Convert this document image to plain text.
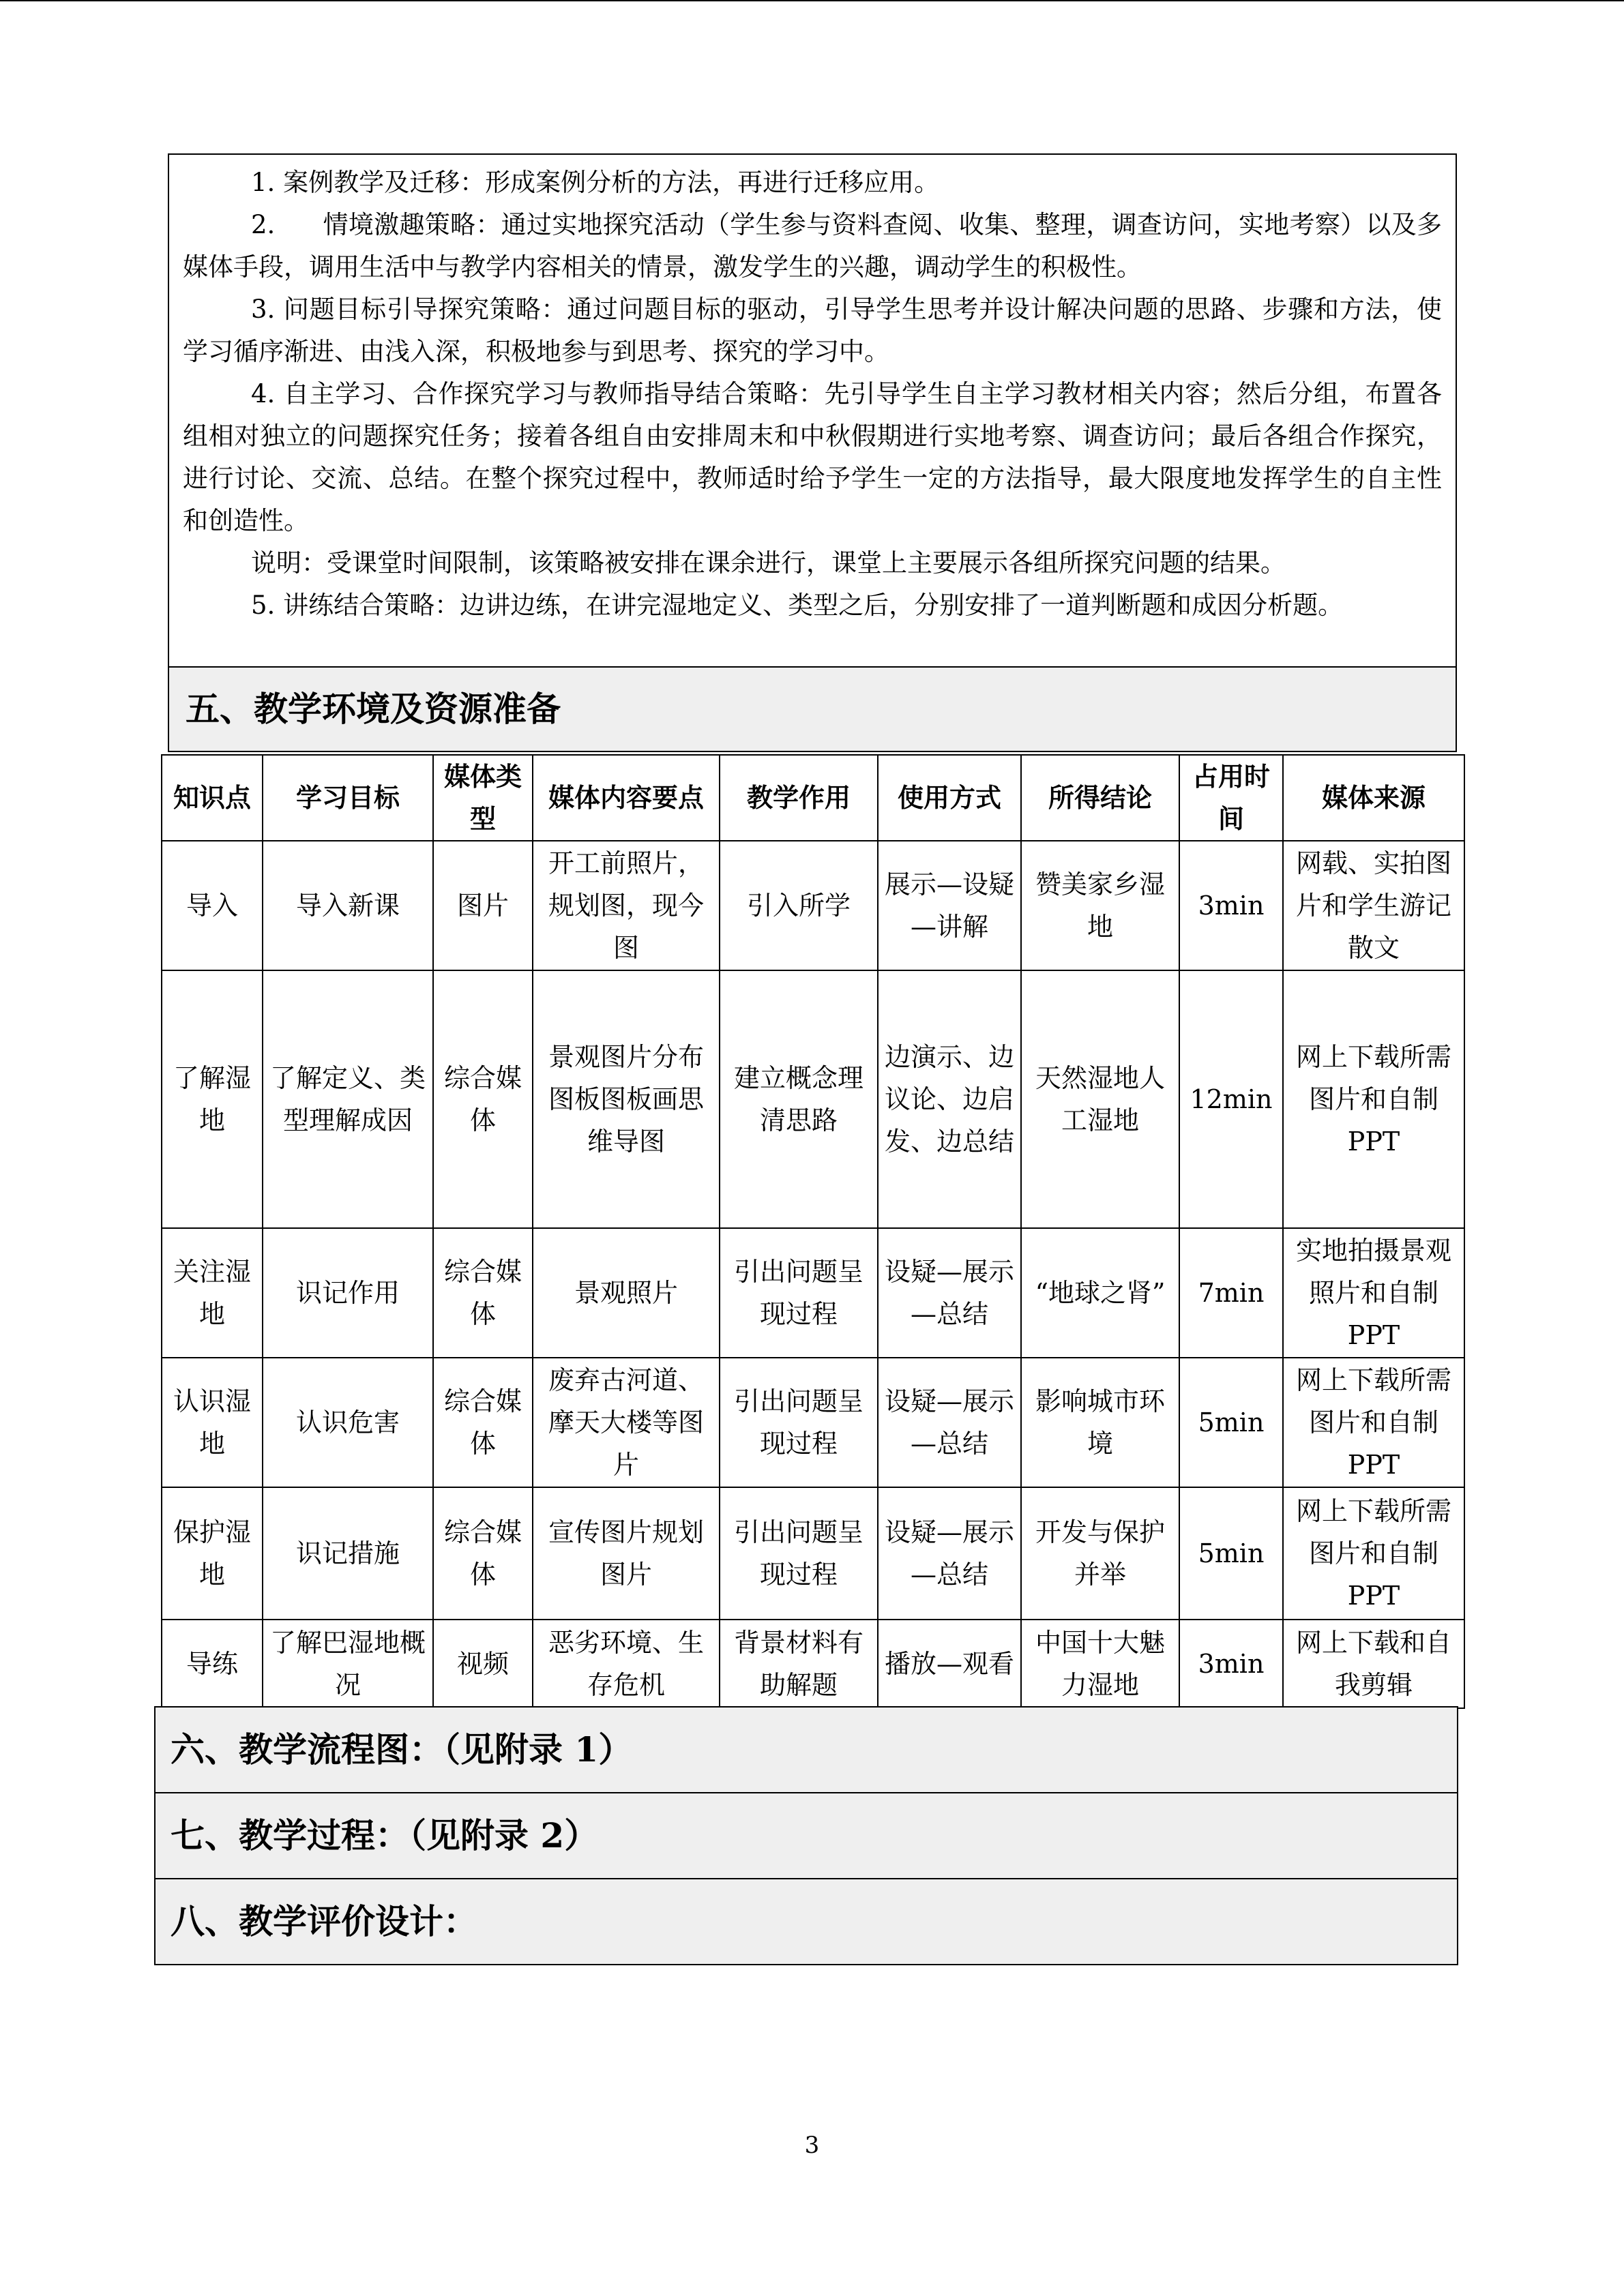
1. 案例教学及迁移：形成案例分析的方法，再进行迁移应用。

2. 情境激趣策略：通过实地探究活动（学生参与资料查阅、收集、整理，调查访问，实地考察）以及多媒体手段，调用生活中与教学内容相关的情景，激发学生的兴趣，调动学生的积极性。

3. 问题目标引导探究策略：通过问题目标的驱动，引导学生思考并设计解决问题的思路、步骤和方法，使学习循序渐进、由浅入深，积极地参与到思考、探究的学习中。

4. 自主学习、合作探究学习与教师指导结合策略：先引导学生自主学习教材相关内容；然后分组，布置各组相对独立的问题探究任务；接着各组自由安排周末和中秋假期进行实地考察、调查访问；最后各组合作探究，进行讨论、交流、总结。在整个探究过程中，教师适时给予学生一定的方法指导，最大限度地发挥学生的自主性和创造性。

说明：受课堂时间限制，该策略被安排在课余进行，课堂上主要展示各组所探究问题的结果。

5. 讲练结合策略：边讲边练，在讲完湿地定义、类型之后，分别安排了一道判断题和成因分析题。

五、教学环境及资源准备
知识点	学习目标	媒体类型	媒体内容要点	教学作用	使用方式	所得结论	占用时间	媒体来源
导入	导入新课	图片	开工前照片，规划图，现今图	引入所学	展示—设疑—讲解	赞美家乡湿地	3min	网载、实拍图片和学生游记散文
了解湿地	了解定义、类型理解成因	综合媒体	景观图片分布图板图板画思维导图	建立概念理清思路	边演示、边议论、边启发、边总结	天然湿地人工湿地	12min	网上下载所需图片和自制 PPT
关注湿地	识记作用	综合媒体	景观照片	引出问题呈现过程	设疑—展示—总结	“地球之肾”	7min	实地拍摄景观照片和自制 PPT
认识湿地	认识危害	综合媒体	废弃古河道、摩天大楼等图片	引出问题呈现过程	设疑—展示—总结	影响城市环境	5min	网上下载所需图片和自制 PPT
保护湿地	识记措施	综合媒体	宣传图片规划图片	引出问题呈现过程	设疑—展示—总结	开发与保护并举	5min	网上下载所需图片和自制 PPT
导练	了解巴湿地概况	视频	恶劣环境、生存危机	背景材料有助解题	播放—观看	中国十大魅力湿地	3min	网上下载和自我剪辑
六、教学流程图：（见附录 1）
七、教学过程：（见附录 2）
八、教学评价设计：
3
